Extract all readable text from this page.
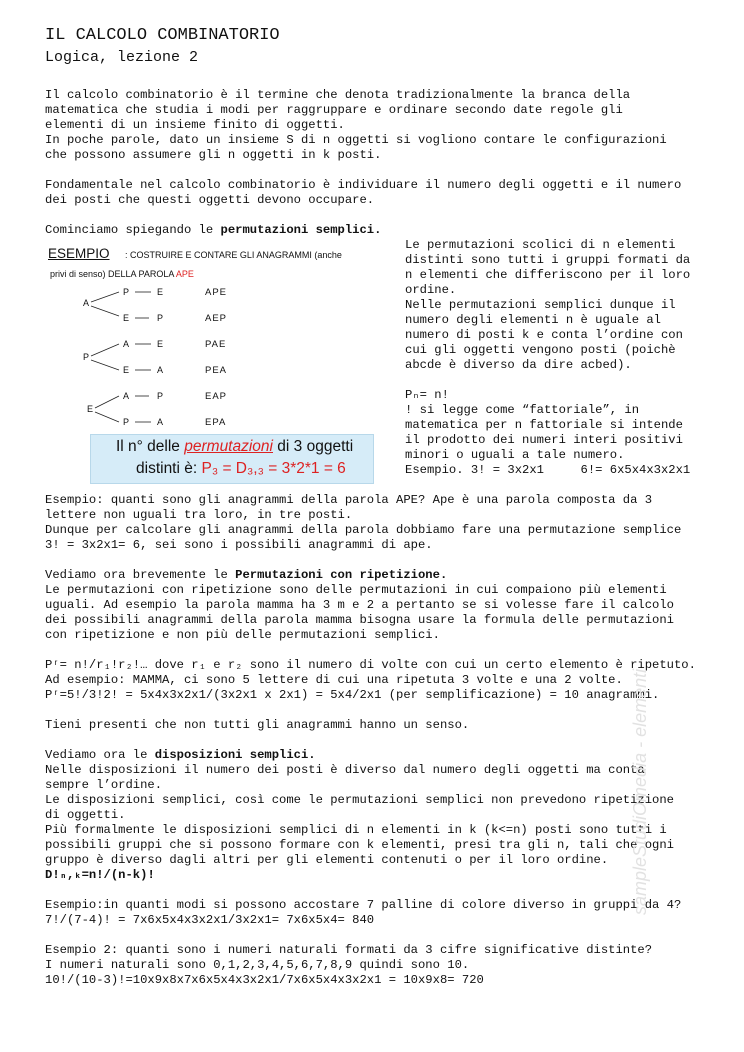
IL CALCOLO COMBINATORIO
Logica, lezione 2
Il calcolo combinatorio è il termine che denota tradizionalmente la branca della
matematica che studia i modi per raggruppare e ordinare secondo date regole gli
elementi di un insieme finito di oggetti.
In poche parole, dato un insieme S di n oggetti si vogliono contare le configurazioni
che possono assumere gli n oggetti in k posti.
Fondamentale nel calcolo combinatorio è individuare il numero degli oggetti e il numero
dei posti che questi oggetti devono occupare.
Cominciamo spiegando le permutazioni semplici.
ESEMPIO : COSTRUIRE E CONTARE GLI ANAGRAMMI (anche
privi di senso) DELLA PAROLA APE
A
P	E
E	P
P
A	E
E	A
E
A	P
P	A
APE
AEP
PAE
PEA
EAP
EPA
Il n° delle permutazioni di 3 oggetti
distinti è: P₃ = D₃,₃ = 3*2*1 = 6
Le permutazioni scolici di n elementi
distinti sono tutti i gruppi formati da
n elementi che differiscono per il loro
ordine.
Nelle permutazioni semplici dunque il
numero degli elementi n è uguale al
numero di posti k e conta l’ordine con
cui gli oggetti vengono posti (poichè
abcde è diverso da dire acbed).
Pₙ= n!
! si legge come “fattoriale”, in
matematica per n fattoriale si intende
il prodotto dei numeri interi positivi
minori o uguali a tale numero.
Esempio. 3! = 3x2x1     6!= 6x5x4x3x2x1
Esempio: quanti sono gli anagrammi della parola APE? Ape è una parola composta da 3
lettere non uguali tra loro, in tre posti.
Dunque per calcolare gli anagrammi della parola dobbiamo fare una permutazione semplice
3! = 3x2x1= 6, sei sono i possibili anagrammi di ape.
Vediamo ora brevemente le Permutazioni con ripetizione.
Le permutazioni con ripetizione sono delle permutazioni in cui compaiono più elementi
uguali. Ad esempio la parola mamma ha 3 m e 2 a pertanto se si volesse fare il calcolo
dei possibili anagrammi della parola mamma bisogna usare la formula delle permutazioni
con ripetizione e non più delle permutazioni semplici.
Pʳ= n!/r₁!r₂!… dove r₁ e r₂ sono il numero di volte con cui un certo elemento è ripetuto.
Ad esempio: MAMMA, ci sono 5 lettere di cui una ripetuta 3 volte e una 2 volte.
Pʳ=5!/3!2! = 5x4x3x2x1/(3x2x1 x 2x1) = 5x4/2x1 (per semplificazione) = 10 anagrammi.
Tieni presenti che non tutti gli anagrammi hanno un senso.
Vediamo ora le disposizioni semplici.
Nelle disposizioni il numero dei posti è diverso dal numero degli oggetti ma conta
sempre l’ordine.
Le disposizioni semplici, così come le permutazioni semplici non prevedono ripetizione
di oggetti.
Più formalmente le disposizioni semplici di n elementi in k (k<=n) posti sono tutti i
possibili gruppi che si possono formare con k elementi, presi tra gli n, tali che ogni
gruppo è diverso dagli altri per gli elementi contenuti o per il loro ordine.
D!ₙ,ₖ=n!/(n-k)!
Esempio:in quanti modi si possono accostare 7 palline di colore diverso in gruppi da 4?
7!/(7-4)! = 7x6x5x4x3x2x1/3x2x1= 7x6x5x4= 840
Esempio 2: quanti sono i numeri naturali formati da 3 cifre significative distinte?
I numeri naturali sono 0,1,2,3,4,5,6,7,8,9 quindi sono 10.
10!/(10-3)!=10x9x8x7x6x5x4x3x2x1/7x6x5x4x3x2x1 = 10x9x8= 720
sampleStudiOmedia - elementi
